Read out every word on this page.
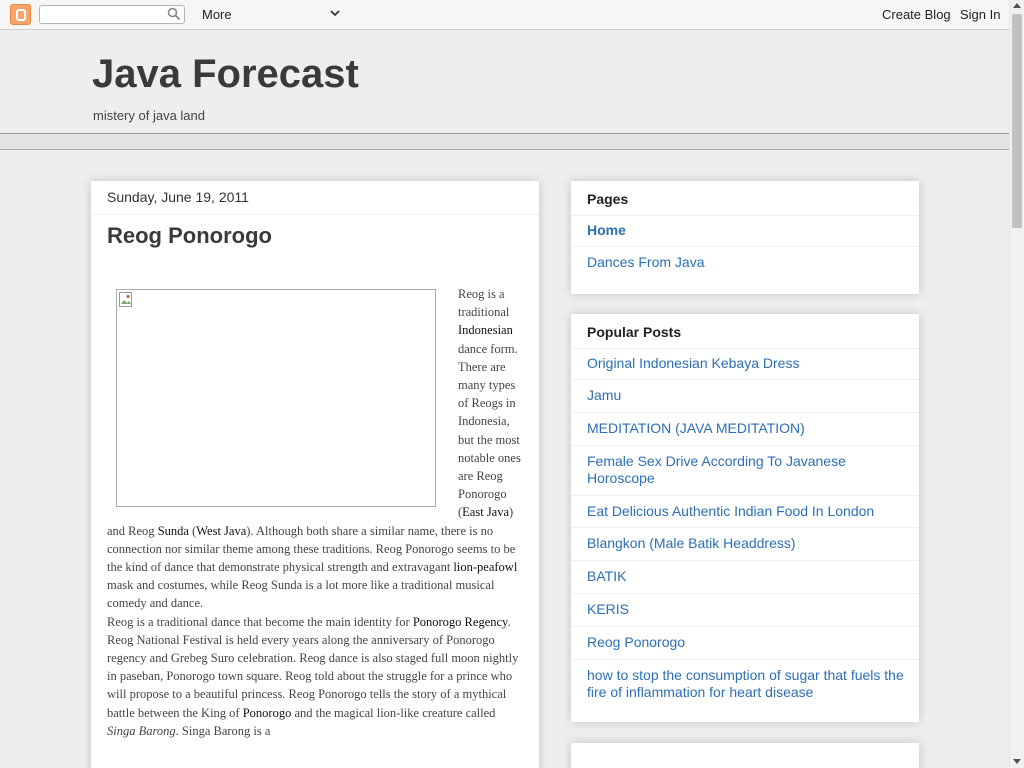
More	Create Blog Sign In
Java Forecast
mistery of java land
Sunday, June 19, 2011
Reog Ponorogo
Reog is a traditional Indonesian dance form. There are many types of Reogs in Indonesia, but the most notable ones are Reog Ponorogo (East Java) and Reog Sunda (West Java). Although both share a similar name, there is no connection nor similar theme among these traditions. Reog Ponorogo seems to be the kind of dance that demonstrate physical strength and extravagant lion-peafowl mask and costumes, while Reog Sunda is a lot more like a traditional musical comedy and dance.
Reog is a traditional dance that become the main identity for Ponorogo Regency. Reog National Festival is held every years along the anniversary of Ponorogo regency and Grebeg Suro celebration. Reog dance is also staged full moon nightly in paseban, Ponorogo town square. Reog told about the struggle for a prince who will propose to a beautiful princess. Reog Ponorogo tells the story of a mythical battle between the King of Ponorogo and the magical lion-like creature called Singa Barong. Singa Barong is a
Pages
Home
Dances From Java
Popular Posts
Original Indonesian Kebaya Dress
Jamu
MEDITATION (JAVA MEDITATION)
Female Sex Drive According To Javanese Horoscope
Eat Delicious Authentic Indian Food In London
Blangkon (Male Batik Headdress)
BATIK
KERIS
Reog Ponorogo
how to stop the consumption of sugar that fuels the fire of inflammation for heart disease
